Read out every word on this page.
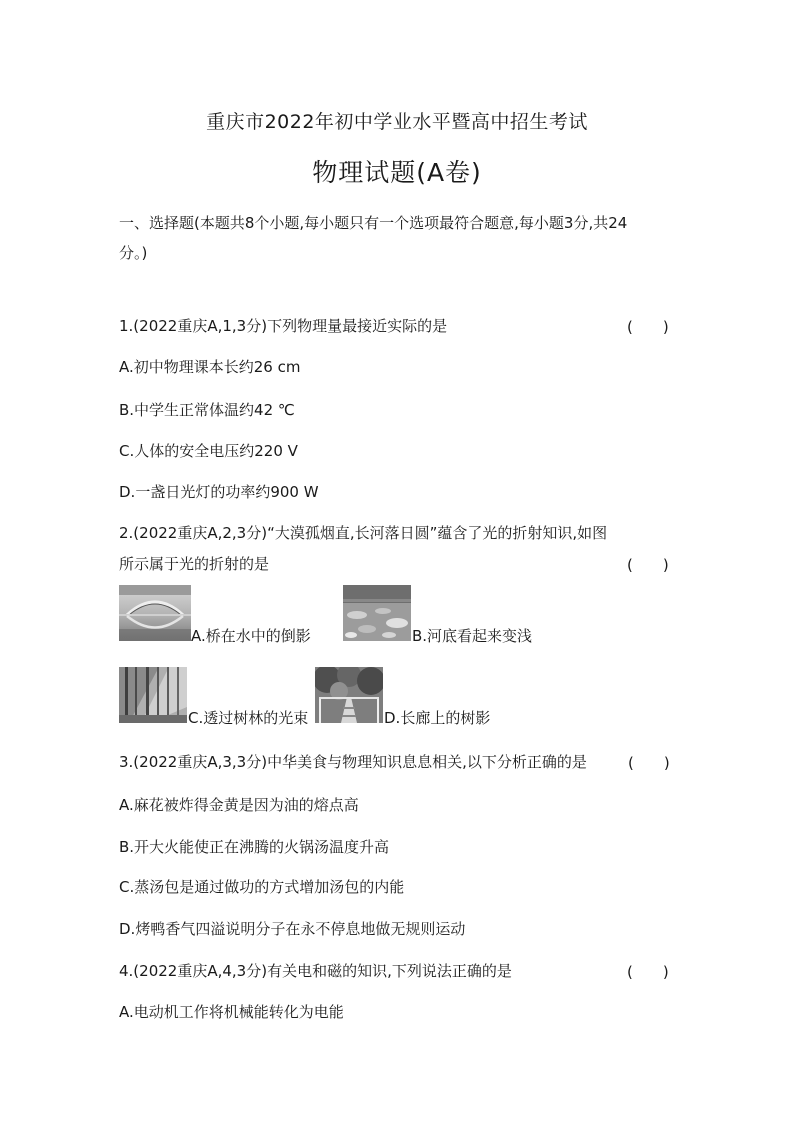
重庆市2022年初中学业水平暨高中招生考试
物理试题(A卷)
一、选择题(本题共8个小题,每小题只有一个选项最符合题意,每小题3分,共24
分。)
1.(2022重庆A,1,3分)下列物理量最接近实际的是	(　　)
A.初中物理课本长约26 cm
B.中学生正常体温约42 ℃
C.人体的安全电压约220 V
D.一盏日光灯的功率约900 W
2.(2022重庆A,2,3分)“大漠孤烟直,长河落日圆”蕴含了光的折射知识,如图
所示属于光的折射的是	(　　)
A.桥在水中的倒影	B.河底看起来变浅
C.透过树林的光束	D.长廊上的树影
3.(2022重庆A,3,3分)中华美食与物理知识息息相关,以下分析正确的是	(　　)
A.麻花被炸得金黄是因为油的熔点高
B.开大火能使正在沸腾的火锅汤温度升高
C.蒸汤包是通过做功的方式增加汤包的内能
D.烤鸭香气四溢说明分子在永不停息地做无规则运动
4.(2022重庆A,4,3分)有关电和磁的知识,下列说法正确的是	(　　)
A.电动机工作将机械能转化为电能
